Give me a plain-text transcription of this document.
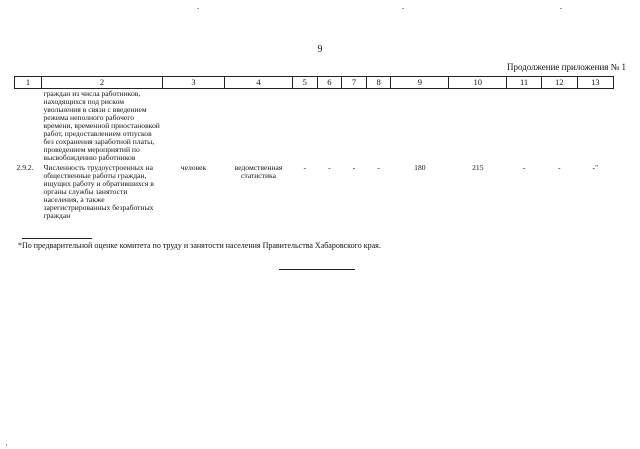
9
Продолжение приложения № 1
1	2	3	4	5	6	7	8	9	10	11	12	13
	граждан из числа работников, находящихся под риском увольнения в связи с введением режима неполного рабочего времени, временной приостановкой работ, предоставлением отпусков без сохранения заработной платы, проведением мероприятий по высвобождению работников											
2.9.2.	Численность трудоустроенных на общественные работы граждан, ищущих работу и обратившихся в органы службы занятости населения, а также зарегистрированных безработных граждан	человек	ведомственная статистика	-	-	-	-	180	215	-	-	-"
*По предварительной оценке комитета по труду и занятости населения Правительства Хабаровского края.
